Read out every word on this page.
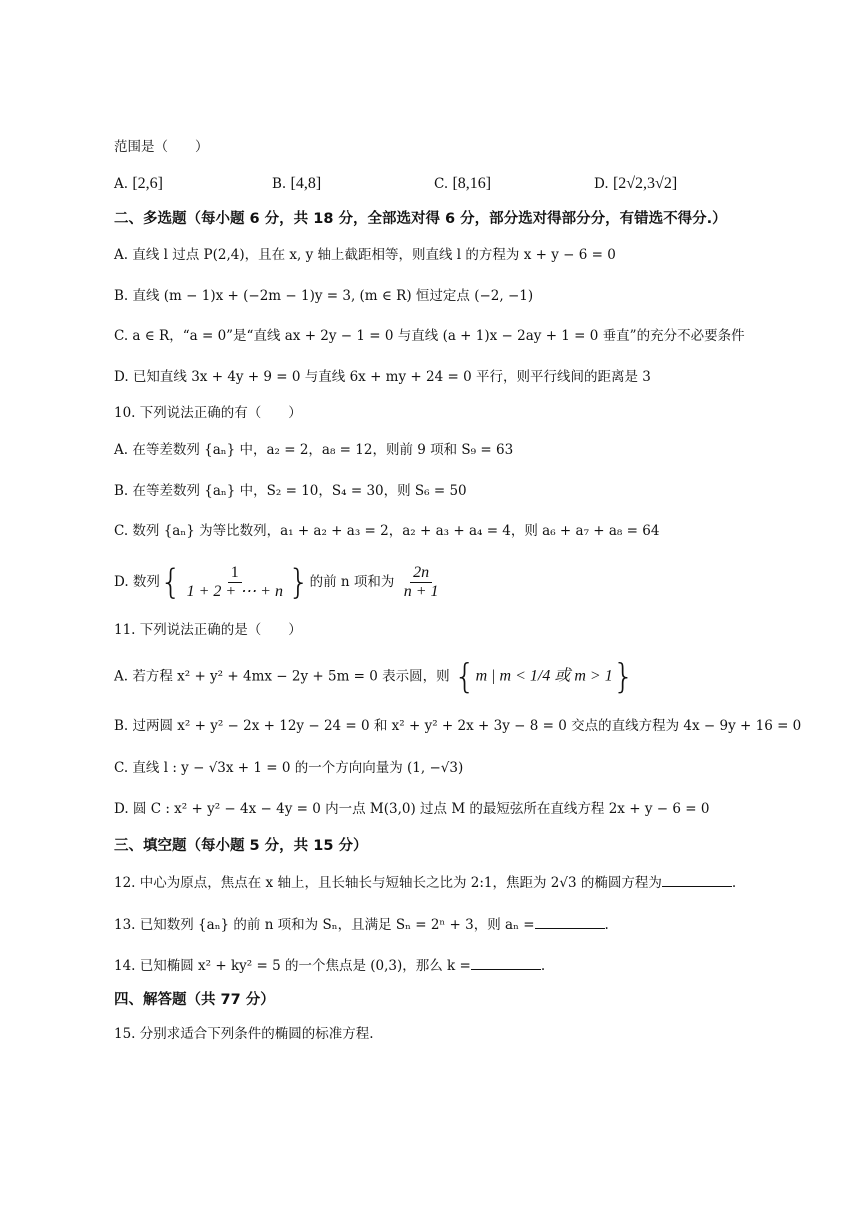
范围是（　　）
A. [2,6]	B. [4,8]	C. [8,16]	D. [2√2,3√2]
二、多选题（每小题 6 分，共 18 分，全部选对得 6 分，部分选对得部分分，有错选不得分.）
A. 直线 l 过点 P(2,4)，且在 x, y 轴上截距相等，则直线 l 的方程为 x + y − 6 = 0
B. 直线 (m − 1)x + (−2m − 1)y = 3, (m ∈ R) 恒过定点 (−2, −1)
C. a ∈ R，“a = 0”是“直线 ax + 2y − 1 = 0 与直线 (a + 1)x − 2ay + 1 = 0 垂直”的充分不必要条件
D. 已知直线 3x + 4y + 9 = 0 与直线 6x + my + 24 = 0 平行，则平行线间的距离是 3
10. 下列说法正确的有（　　）
A. 在等差数列 {aₙ} 中，a₂ = 2，a₈ = 12，则前 9 项和 S₉ = 63
B. 在等差数列 {aₙ} 中，S₂ = 10，S₄ = 30，则 S₆ = 50
C. 数列 {aₙ} 为等比数列，a₁ + a₂ + a₃ = 2，a₂ + a₃ + a₄ = 4，则 a₆ + a₇ + a₈ = 64
D. 数列{ $\frac{1}{1 + 2 + \cdots + n}$ }的前 n 项和为 $\frac{2n}{n + 1}$
11. 下列说法正确的是（　　）
A. 若方程 x² + y² + 4mx − 2y + 5m = 0 表示圆，则 {m | m < 1/4 或 m > 1}
B. 过两圆 x² + y² − 2x + 12y − 24 = 0 和 x² + y² + 2x + 3y − 8 = 0 交点的直线方程为 4x − 9y + 16 = 0
C. 直线 l : y − √3x + 1 = 0 的一个方向向量为 (1, −√3)
D. 圆 C : x² + y² − 4x − 4y = 0 内一点 M(3,0) 过点 M 的最短弦所在直线方程 2x + y − 6 = 0
三、填空题（每小题 5 分，共 15 分）
12. 中心为原点，焦点在 x 轴上，且长轴长与短轴长之比为 2:1，焦距为 2√3 的椭圆方程为	.
13. 已知数列 {aₙ} 的前 n 项和为 Sₙ，且满足 Sₙ = 2ⁿ + 3，则 aₙ =	.
14. 已知椭圆 x² + ky² = 5 的一个焦点是 (0,3)，那么 k =	.
四、解答题（共 77 分）
15. 分别求适合下列条件的椭圆的标准方程.
